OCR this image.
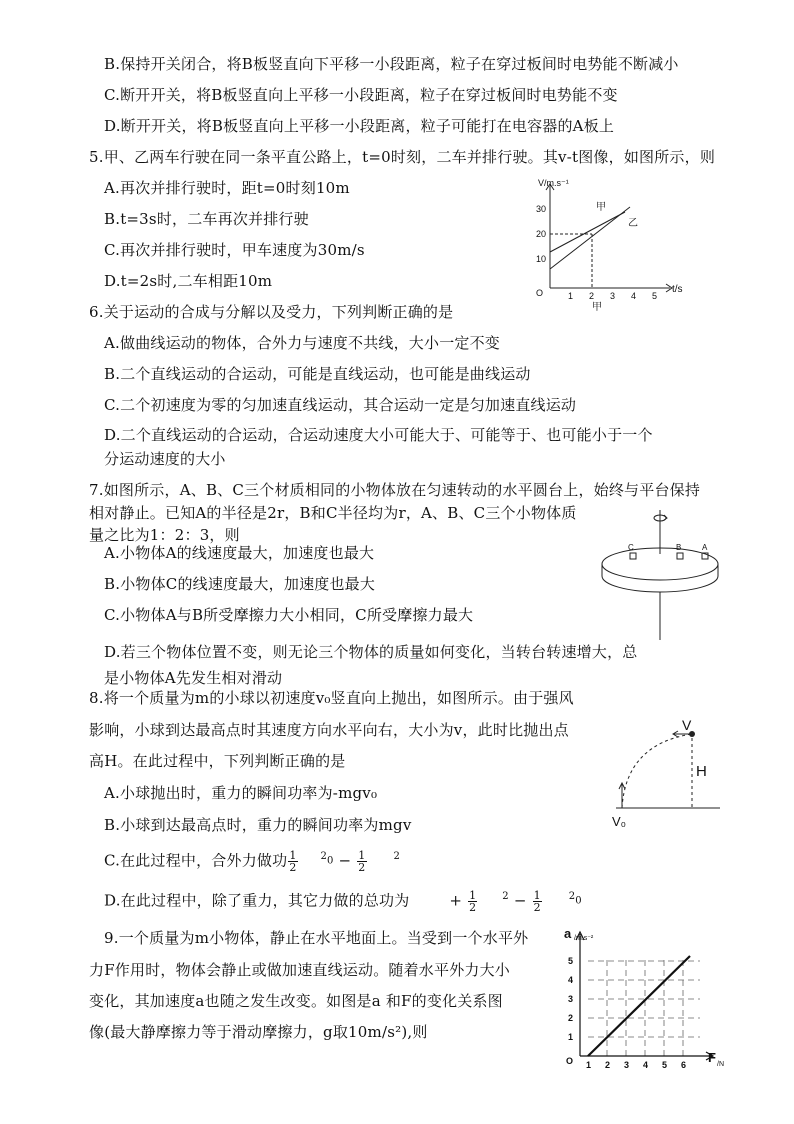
B.保持开关闭合，将B板竖直向下平移一小段距离，粒子在穿过板间时电势能不断减小
C.断开开关，将B板竖直向上平移一小段距离，粒子在穿过板间时电势能不变
D.断开开关，将B板竖直向上平移一小段距离，粒子可能打在电容器的A板上
5.甲、乙两车行驶在同一条平直公路上，t=0时刻，二车并排行驶。其v-t图像，如图所示，则
A.再次并排行驶时，距t=0时刻10m
B.t=3s时，二车再次并排行驶
C.再次并排行驶时，甲车速度为30m/s
D.t=2s时,二车相距10m
V/m.s⁻¹
O
10
20
30
1 2 3 4 5
t/s
甲
乙
甲
6.关于运动的合成与分解以及受力，下列判断正确的是
A.做曲线运动的物体，合外力与速度不共线，大小一定不变
B.二个直线运动的合运动，可能是直线运动，也可能是曲线运动
C.二个初速度为零的匀加速直线运动，其合运动一定是匀加速直线运动
D.二个直线运动的合运动，合运动速度大小可能大于、可能等于、也可能小于一个
分运动速度的大小
7.如图所示，A、B、C三个材质相同的小物体放在匀速转动的水平圆台上，始终与平台保持
相对静止。已知A的半径是2r，B和C半径均为r，A、B、C三个小物体质
量之比为1：2：3，则
A.小物体A的线速度最大，加速度也最大
B.小物体C的线速度最大，加速度也最大
C.小物体A与B所受摩擦力大小相同，C所受摩擦力最大
D.若三个物体位置不变，则无论三个物体的质量如何变化，当转台转速增大，总
是小物体A先发生相对滑动
C	B	A
8.将一个质量为m的小球以初速度v₀竖直向上抛出，如图所示。由于强风
影响，小球到达最高点时其速度方向水平向右，大小为v，此时比抛出点
高H。在此过程中，下列判断正确的是
A.小球抛出时，重力的瞬间功率为-mgv₀
B.小球到达最高点时，重力的瞬间功率为mgv
C.在此过程中，合外力做功 $\frac{1}{2} ^20 - \frac{1}{2}$	$^2$
D.在此过程中，除了重力，其它力做的总功为	+ $\frac{1}{2} ^2 - \frac{1}{2}$	$^2$0
V
H
V₀
9.一个质量为m小物体，静止在水平地面上。当受到一个水平外
力F作用时，物体会静止或做加速直线运动。随着水平外力大小
变化，其加速度a也随之发生改变。如图是a 和F的变化关系图
像(最大静摩擦力等于滑动摩擦力，g取10m/s²),则
O
1
2
3
4
5
1 2 3 4 5 6
a /m.s⁻²
F /N
